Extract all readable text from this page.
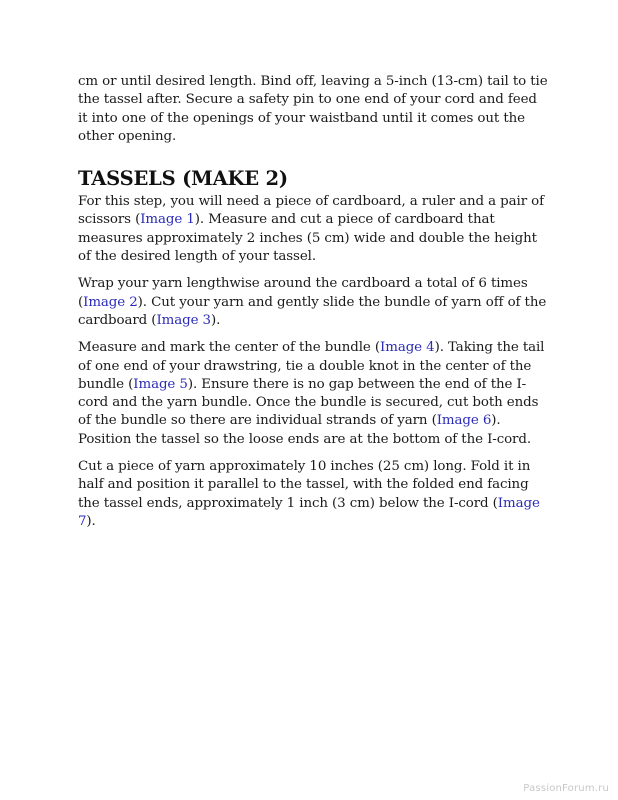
cm or until desired length. Bind off, leaving a 5-inch (13-cm) tail to tie the tassel after. Secure a safety pin to one end of your cord and feed it into one of the openings of your waistband until it comes out the other opening.

TASSELS (MAKE 2)

For this step, you will need a piece of cardboard, a ruler and a pair of scissors (Image 1). Measure and cut a piece of cardboard that measures approximately 2 inches (5 cm) wide and double the height of the desired length of your tassel.

Wrap your yarn lengthwise around the cardboard a total of 6 times (Image 2). Cut your yarn and gently slide the bundle of yarn off of the cardboard (Image 3).

Measure and mark the center of the bundle (Image 4). Taking the tail of one end of your drawstring, tie a double knot in the center of the bundle (Image 5). Ensure there is no gap between the end of the I-cord and the yarn bundle. Once the bundle is secured, cut both ends of the bundle so there are individual strands of yarn (Image 6). Position the tassel so the loose ends are at the bottom of the I-cord.

Cut a piece of yarn approximately 10 inches (25 cm) long. Fold it in half and position it parallel to the tassel, with the folded end facing the tassel ends, approximately 1 inch (3 cm) below the I-cord (Image 7).

PassionForum.ru
